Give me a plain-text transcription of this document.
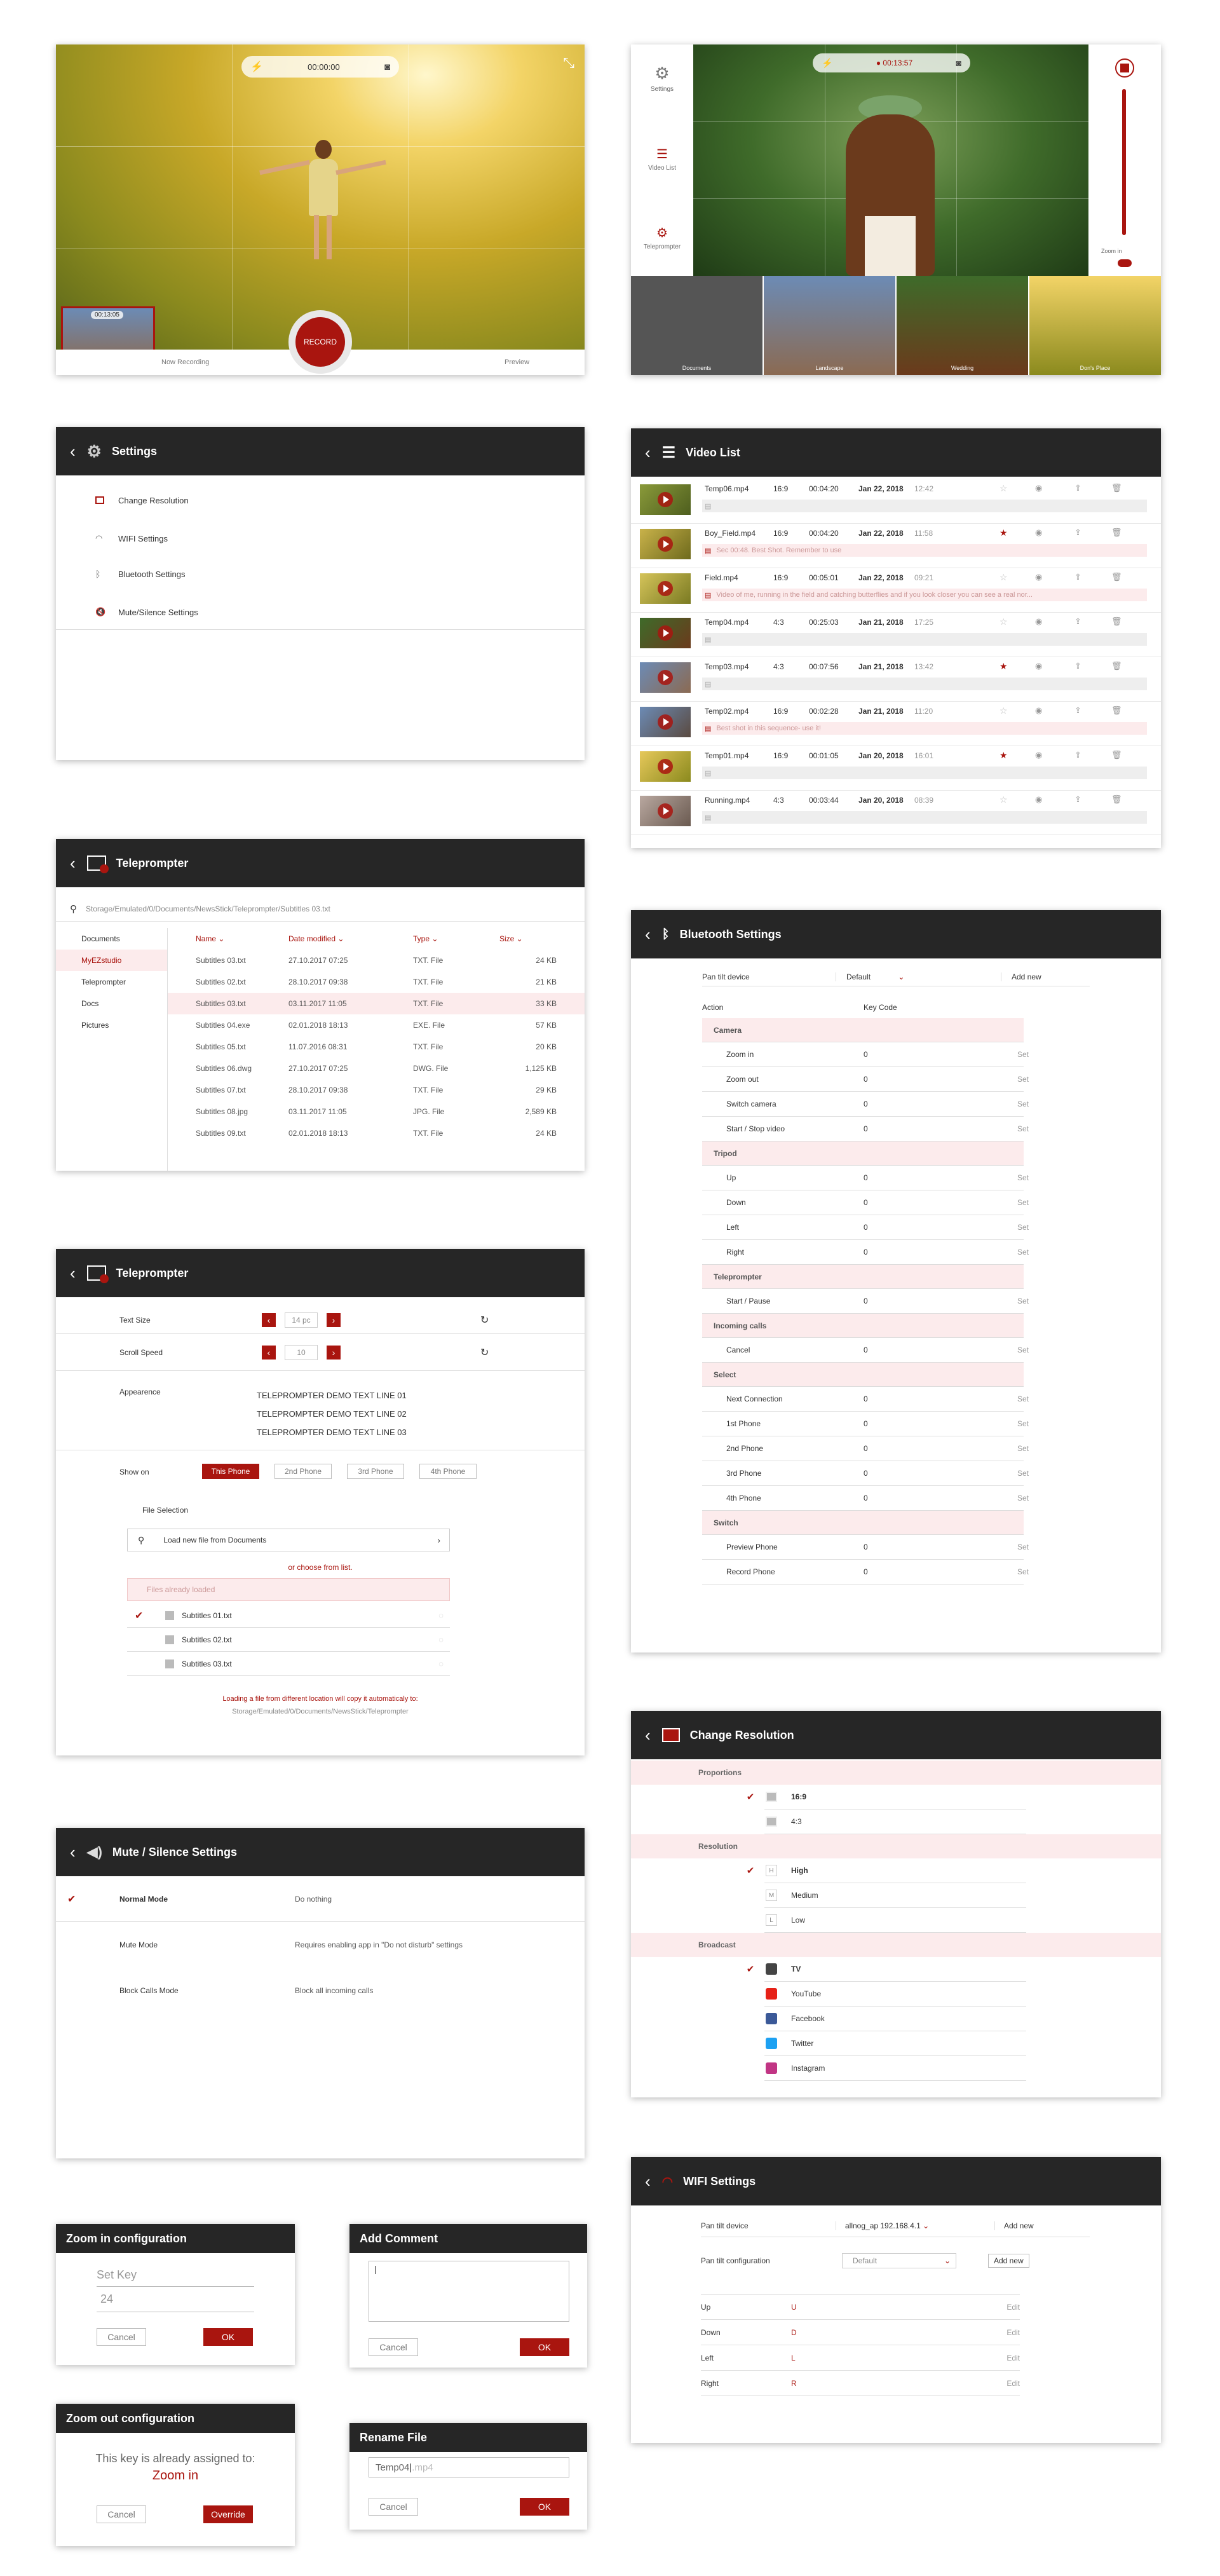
⚡	00:00:00	◙	⤡
00:13:05
Now Recording	Preview
RECORD
⚙
Settings
☰
Video List
⚙
Teleprompter
⚡	● 00:13:57	◙
Zoom in
Documents	Landscape	Wedding	Don's Place
‹ ⚙ Settings
Change Resolution
◠ WIFI Settings
ᛒ	Bluetooth Settings
🔇 Mute/Silence Settings
‹ ☰ Video List
Temp06.mp4	16:9	00:04:20	Jan 22, 2018 12:42	☆	◉	⇪	🗑
▤
Boy_Field.mp4 16:9	00:04:20	Jan 22, 2018 11:58	★	◉	⇪	🗑
▤ Sec 00:48. Best Shot. Remember to use
Field.mp4	16:9	00:05:01	Jan 22, 2018 09:21	☆	◉	⇪	🗑
▤ Video of me, running in the field and catching butterflies and if you look closer you can see a real nor...
Temp04.mp4	4:3	00:25:03	Jan 21, 2018 17:25	☆	◉	⇪	🗑
▤
Temp03.mp4	4:3	00:07:56	Jan 21, 2018 13:42	★	◉	⇪	🗑
▤
Temp02.mp4	16:9	00:02:28	Jan 21, 2018 11:20	☆	◉	⇪	🗑
▤ Best shot in this sequence- use it!
Temp01.mp4	16:9	00:01:05	Jan 20, 2018 16:01	★	◉	⇪	🗑
▤
Running.mp4	4:3	00:03:44	Jan 20, 2018 08:39	☆	◉	⇪	🗑
▤
‹	Teleprompter
⚲ Storage/Emulated/0/Documents/NewsStick/Teleprompter/Subtitles 03.txt
Documents
MyEZstudio
Teleprompter
Docs
Pictures
Name ⌄	Date modified ⌄	Type ⌄	Size ⌄
Subtitles 03.txt	27.10.2017 07:25	TXT. File	24 KB
Subtitles 02.txt	28.10.2017 09:38	TXT. File	21 KB
Subtitles 03.txt	03.11.2017 11:05	TXT. File	33 KB
Subtitles 04.exe	02.01.2018 18:13	EXE. File	57 KB
Subtitles 05.txt	11.07.2016 08:31	TXT. File	20 KB
Subtitles 06.dwg	27.10.2017 07:25	DWG. File	1,125 KB
Subtitles 07.txt	28.10.2017 09:38	TXT. File	29 KB
Subtitles 08.jpg	03.11.2017 11:05	JPG. File	2,589 KB
Subtitles 09.txt	02.01.2018 18:13	TXT. File	24 KB
‹ ᛒ Bluetooth Settings
Pan tilt device	Default	⌄	Add new
Action	Key Code
Camera
Zoom in	0	Set
Zoom out	0	Set
Switch camera	0	Set
Start / Stop video	0	Set
Tripod
Up	0	Set
Down	0	Set
Left	0	Set
Right	0	Set
Teleprompter
Start / Pause	0	Set
Incoming calls
Cancel	0	Set
Select
Next Connection	0	Set
1st Phone	0	Set
2nd Phone	0	Set
3rd Phone	0	Set
4th Phone	0	Set
Switch
Preview Phone	0	Set
Record Phone	0	Set
‹	Teleprompter
Text Size	‹	14 pc	›	↻
Scroll Speed	‹	10	›	↻
Appearence	TELEPROMPTER DEMO TEXT LINE 01
TELEPROMPTER DEMO TEXT LINE 02
TELEPROMPTER DEMO TEXT LINE 03
Show on	This Phone	2nd Phone	3rd Phone	4th Phone
File Selection
⚲	Load new file from Documents	›
or choose from list.
Files already loaded
✔	Subtitles 01.txt	◌
Subtitles 02.txt	◌
Subtitles 03.txt	◌
Loading a file from different location will copy it automaticaly to:
Storage/Emulated/0/Documents/NewsStick/Teleprompter
‹	Change Resolution
Proportions
✔	16:9
4:3
Resolution
✔	H	High
M	Medium
L	Low
Broadcast
✔	TV
YouTube
Facebook
Twitter
Instagram
‹ ◀) Mute / Silence Settings
✔	Normal Mode	Do nothing
Mute Mode	Requires enabling app in "Do not disturb" settings
Block Calls Mode	Block all incoming calls
‹ ◠ WIFI Settings
Pan tilt device	allnog_ap 192.168.4.1 ⌄	Add new
Pan tilt configuration	Default	⌄	Add new
Up	U	Edit
Down	D	Edit
Left	L	Edit
Right	R	Edit
Zoom in configuration
Set Key
24
Cancel	OK
Add Comment
|
Cancel	OK
Zoom out configuration
This key is already assigned to:
Zoom in
Cancel	Override
Rename File
Temp04 | .mp4
Cancel	OK
